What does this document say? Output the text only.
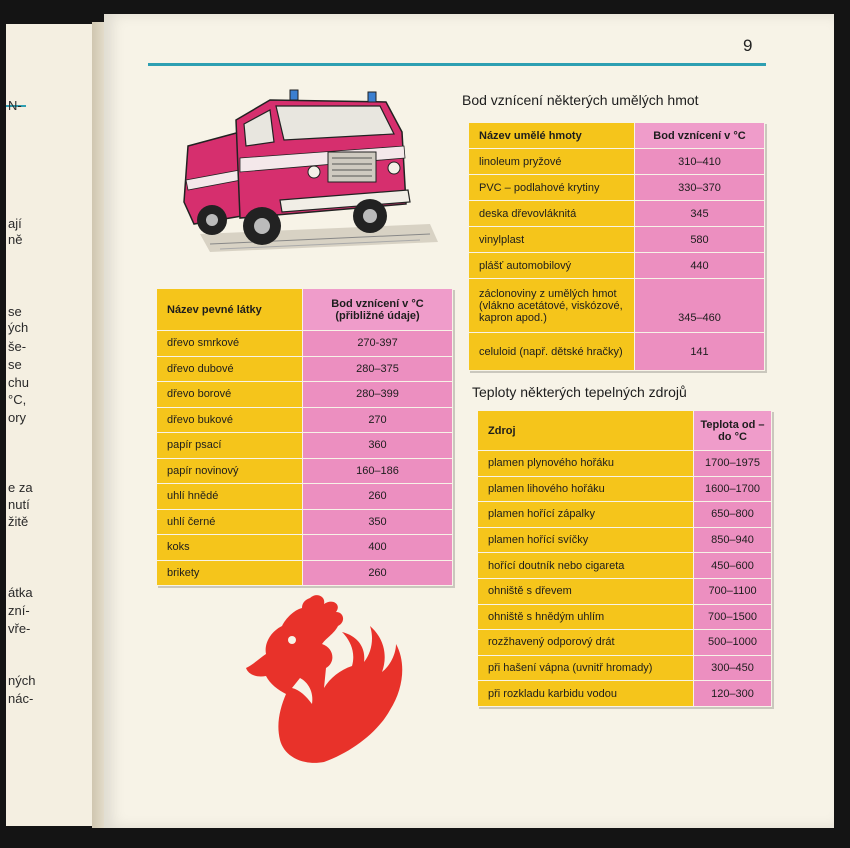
N-
ají
ně
se
ých
še-
se
chu
°C,
ory
e za
nutí
žitě
átka
zní-
vře-
ných
nác-
9
Bod vznícení některých umělých hmot
Název umělé hmoty	Bod vznícení v °C
linoleum pryžové	310–410
PVC – podlahové krytiny	330–370
deska dřevovláknitá	345
vinylplast	580
plášť automobilový	440
záclonoviny z umělých hmot (vlákno acetátové, viskózové, kapron apod.)	345–460
celuloid (např. dětské hračky)	141
Název pevné látky	Bod vznícení v °C (přibližné údaje)
dřevo smrkové	270-397
dřevo dubové	280–375
dřevo borové	280–399
dřevo bukové	270
papír psací	360
papír novinový	160–186
uhlí hnědé	260
uhlí černé	350
koks	400
brikety	260
Teploty některých tepelných zdrojů
Zdroj	Teplota od – do °C
plamen plynového hořáku	1700–1975
plamen lihového hořáku	1600–1700
plamen hořící zápalky	650–800
plamen hořící svíčky	850–940
hořící doutník nebo cigareta	450–600
ohniště s dřevem	700–1100
ohniště s hnědým uhlím	700–1500
rozžhavený odporový drát	500–1000
při hašení vápna (uvnitř hromady)	300–450
při rozkladu karbidu vodou	120–300
